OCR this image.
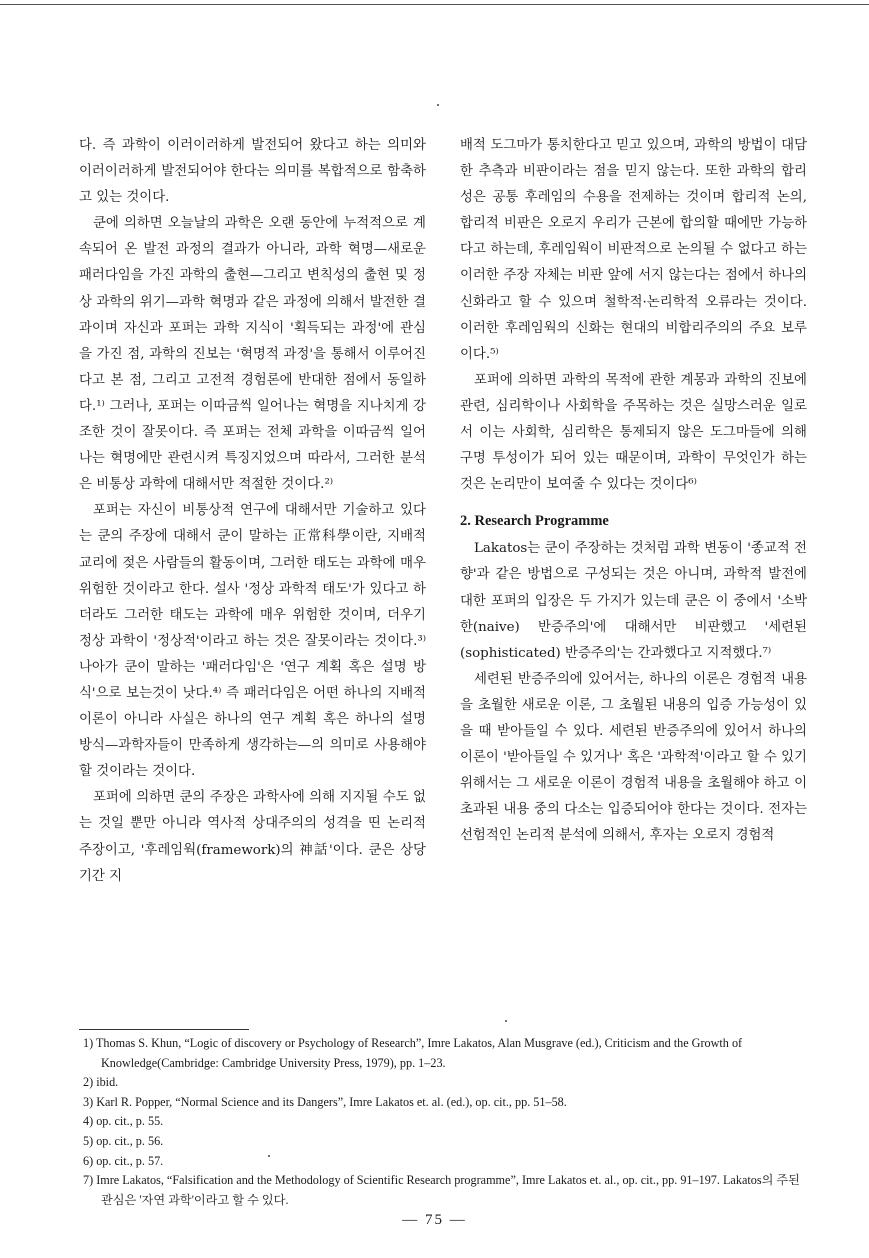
다. 즉 과학이 이러이러하게 발전되어 왔다고 하는 의미와 이러이러하게 발전되어야 한다는 의미를 복합적으로 함축하고 있는 것이다.

쿤에 의하면 오늘날의 과학은 오랜 동안에 누적적으로 계속되어 온 발전 과정의 결과가 아니라, 과학 혁명—새로운 패러다임을 가진 과학의 출현—그리고 변칙성의 출현 및 정상 과학의 위기—과학 혁명과 같은 과정에 의해서 발전한 결과이며 자신과 포퍼는 과학 지식이 '획득되는 과정'에 관심을 가진 점, 과학의 진보는 '혁명적 과정'을 통해서 이루어진다고 본 점, 그리고 고전적 경험론에 반대한 점에서 동일하다.¹⁾ 그러나, 포퍼는 이따금씩 일어나는 혁명을 지나치게 강조한 것이 잘못이다. 즉 포퍼는 전체 과학을 이따금씩 일어나는 혁명에만 관련시켜 특징지었으며 따라서, 그러한 분석은 비통상 과학에 대해서만 적절한 것이다.²⁾

포퍼는 자신이 비통상적 연구에 대해서만 기술하고 있다는 쿤의 주장에 대해서 쿤이 말하는 正常科學이란, 지배적 교리에 젖은 사람들의 활동이며, 그러한 태도는 과학에 매우 위험한 것이라고 한다. 설사 '정상 과학적 태도'가 있다고 하더라도 그러한 태도는 과학에 매우 위험한 것이며, 더우기 정상 과학이 '정상적'이라고 하는 것은 잘못이라는 것이다.³⁾ 나아가 쿤이 말하는 '패러다임'은 '연구 계획 혹은 설명 방식'으로 보는것이 낫다.⁴⁾ 즉 패러다임은 어떤 하나의 지배적 이론이 아니라 사실은 하나의 연구 계획 혹은 하나의 설명 방식—과학자들이 만족하게 생각하는—의 의미로 사용해야 할 것이라는 것이다.

포퍼에 의하면 쿤의 주장은 과학사에 의해 지지될 수도 없는 것일 뿐만 아니라 역사적 상대주의의 성격을 띤 논리적 주장이고, '후레임웍(framework)의 神話'이다. 쿤은 상당 기간 지

배적 도그마가 통치한다고 믿고 있으며, 과학의 방법이 대담한 추측과 비판이라는 점을 믿지 않는다. 또한 과학의 합리성은 공통 후레임의 수용을 전제하는 것이며 합리적 논의, 합리적 비판은 오로지 우리가 근본에 합의할 때에만 가능하다고 하는데, 후레임웍이 비판적으로 논의될 수 없다고 하는 이러한 주장 자체는 비판 앞에 서지 않는다는 점에서 하나의 신화라고 할 수 있으며 철학적·논리학적 오류라는 것이다. 이러한 후레임웍의 신화는 현대의 비합리주의의 주요 보루이다.⁵⁾

포퍼에 의하면 과학의 목적에 관한 계몽과 과학의 진보에 관련, 심리학이나 사회학을 주목하는 것은 실망스러운 일로서 이는 사회학, 심리학은 통제되지 않은 도그마들에 의해 구명 투성이가 되어 있는 때문이며, 과학이 무엇인가 하는 것은 논리만이 보여줄 수 있다는 것이다⁶⁾

2. Research Programme

Lakatos는 쿤이 주장하는 것처럼 과학 변동이 '종교적 전향'과 같은 방법으로 구성되는 것은 아니며, 과학적 발전에 대한 포퍼의 입장은 두 가지가 있는데 쿤은 이 중에서 '소박한(naive) 반증주의'에 대해서만 비판했고 '세련된(sophisticated) 반증주의'는 간과했다고 지적했다.⁷⁾

세련된 반증주의에 있어서는, 하나의 이론은 경험적 내용을 초월한 새로운 이론, 그 초월된 내용의 입증 가능성이 있을 때 받아들일 수 있다. 세련된 반증주의에 있어서 하나의 이론이 '받아들일 수 있거나' 혹은 '과학적'이라고 할 수 있기 위해서는 그 새로운 이론이 경험적 내용을 초월해야 하고 이 초과된 내용 중의 다소는 입증되어야 한다는 것이다. 전자는 선험적인 논리적 분석에 의해서, 후자는 오로지 경험적

1) Thomas S. Khun, “Logic of discovery or Psychology of Research”, Imre Lakatos, Alan Musgrave (ed.), Criticism and the Growth of Knowledge(Cambridge: Cambridge University Press, 1979), pp. 1–23.

2) ibid.

3) Karl R. Popper, “Normal Science and its Dangers”, Imre Lakatos et. al. (ed.), op. cit., pp. 51–58.

4) op. cit., p. 55.

5) op. cit., p. 56.

6) op. cit., p. 57.

7) Imre Lakatos, “Falsification and the Methodology of Scientific Research programme”, Imre Lakatos et. al., op. cit., pp. 91–197. Lakatos의 주된 관심은 '자연 과학'이라고 할 수 있다.

— 75 —
